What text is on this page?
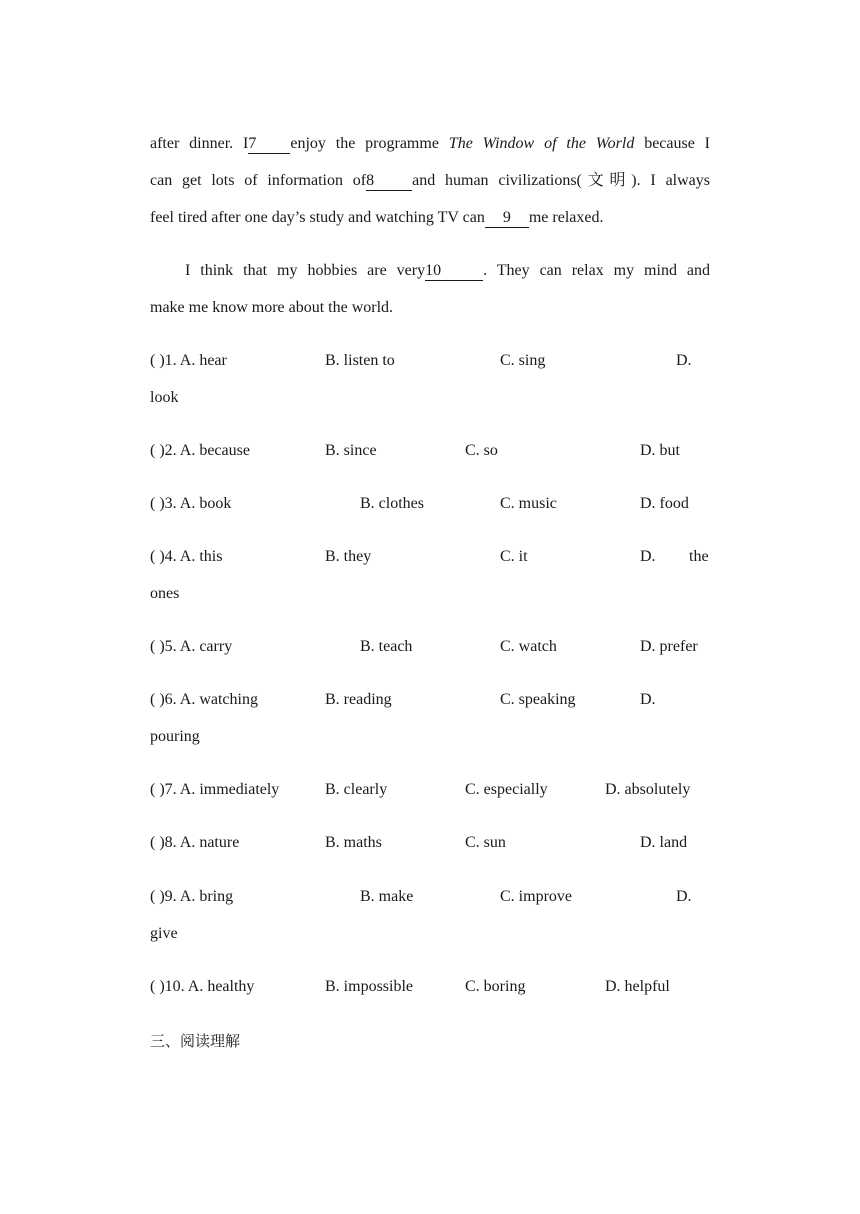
after dinner. I7 enjoy the programme The Window of the World because I
can get lots of information of8 and human civilizations(文明). I always
feel tired after one day’s study and watching TV can 9 me relaxed.
I think that my hobbies are very10	. They can relax my mind and
make me know more about the world.
( )1. A. hear	B. listen to	C. sing	D.
look
( )2. A. because	B. since	C. so	D. but
( )3. A. book	B. clothes	C. music	D. food
( )4. A. this	B. they	C. it	D. the
ones
( )5. A. carry	B. teach	C. watch	D. prefer
( )6. A. watching	B. reading	C. speaking	D.
pouring
( )7. A. immediately	B. clearly	C. especially	D. absolutely
( )8. A. nature	B. maths	C. sun	D. land
( )9. A. bring	B. make	C. improve	D.
give
( )10. A. healthy	B. impossible	C. boring	D. helpful
三、阅读理解
